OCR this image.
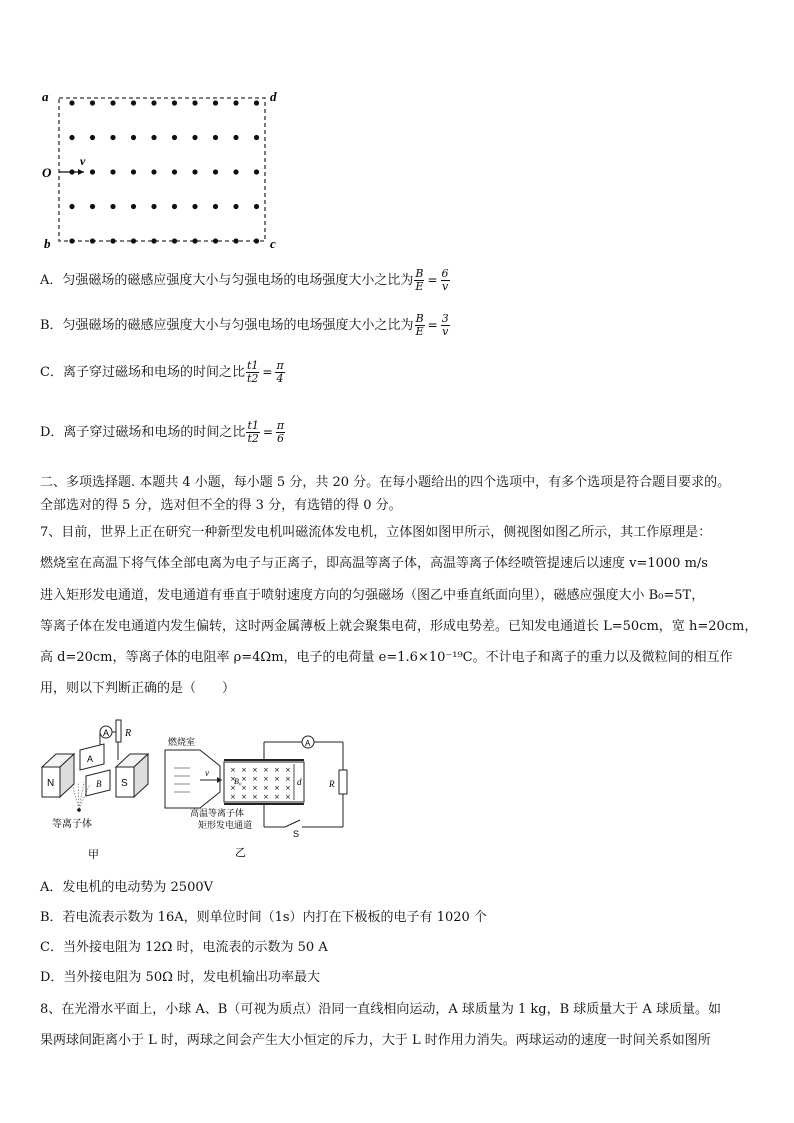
a	d
b	c
O
v
A．匀强磁场的磁感应强度大小与匀强电场的电场强度大小之比为 $\frac{B}{E} = \frac{6}{v}$
B．匀强磁场的磁感应强度大小与匀强电场的电场强度大小之比为 $\frac{B}{E} = \frac{3}{v}$
C．离子穿过磁场和电场的时间之比 $\frac{t1}{t2} = \frac{\pi}{4}$
D．离子穿过磁场和电场的时间之比 $\frac{t1}{t2} = \frac{\pi}{6}$
二、多项选择题. 本题共 4 小题，每小题 5 分，共 20 分。在每小题给出的四个选项中，有多个选项是符合题目要求的。
全部选对的得 5 分，选对但不全的得 3 分，有选错的得 0 分。
7、目前，世界上正在研究一种新型发电机叫磁流体发电机，立体图如图甲所示，侧视图如图乙所示，其工作原理是：
燃烧室在高温下将气体全部电离为电子与正离子，即高温等离子体，高温等离子体经喷管提速后以速度 v=1000 m/s
进入矩形发电通道，发电通道有垂直于喷射速度方向的匀强磁场（图乙中垂直纸面向里），磁感应强度大小 B₀=5T，
等离子体在发电通道内发生偏转，这时两金属薄板上就会聚集电荷，形成电势差。已知发电通道长 L=50cm，宽 h=20cm，
高 d=20cm，等离子体的电阻率 ρ=4Ωm，电子的电荷量 e=1.6×10⁻¹⁹C。不计电子和离子的重力以及微粒间的相互作
用，则以下判断正确的是（　　）
A R
N	S
A
B
等离子体
甲
燃烧室
v	× × × × × ×
× × × × × ×
× × × × × ×
× × × × × ×
B₀	d
A
R
S
高温等离子体
矩形发电通道
乙
A．发电机的电动势为 2500V
B．若电流表示数为 16A，则单位时间（1s）内打在下极板的电子有 1020 个
C．当外接电阻为 12Ω 时，电流表的示数为 50 A
D．当外接电阻为 50Ω 时，发电机输出功率最大
8、在光滑水平面上，小球 A、B（可视为质点）沿同一直线相向运动，A 球质量为 1 kg，B 球质量大于 A 球质量。如
果两球间距离小于 L 时，两球之间会产生大小恒定的斥力，大于 L 时作用力消失。两球运动的速度一时间关系如图所
